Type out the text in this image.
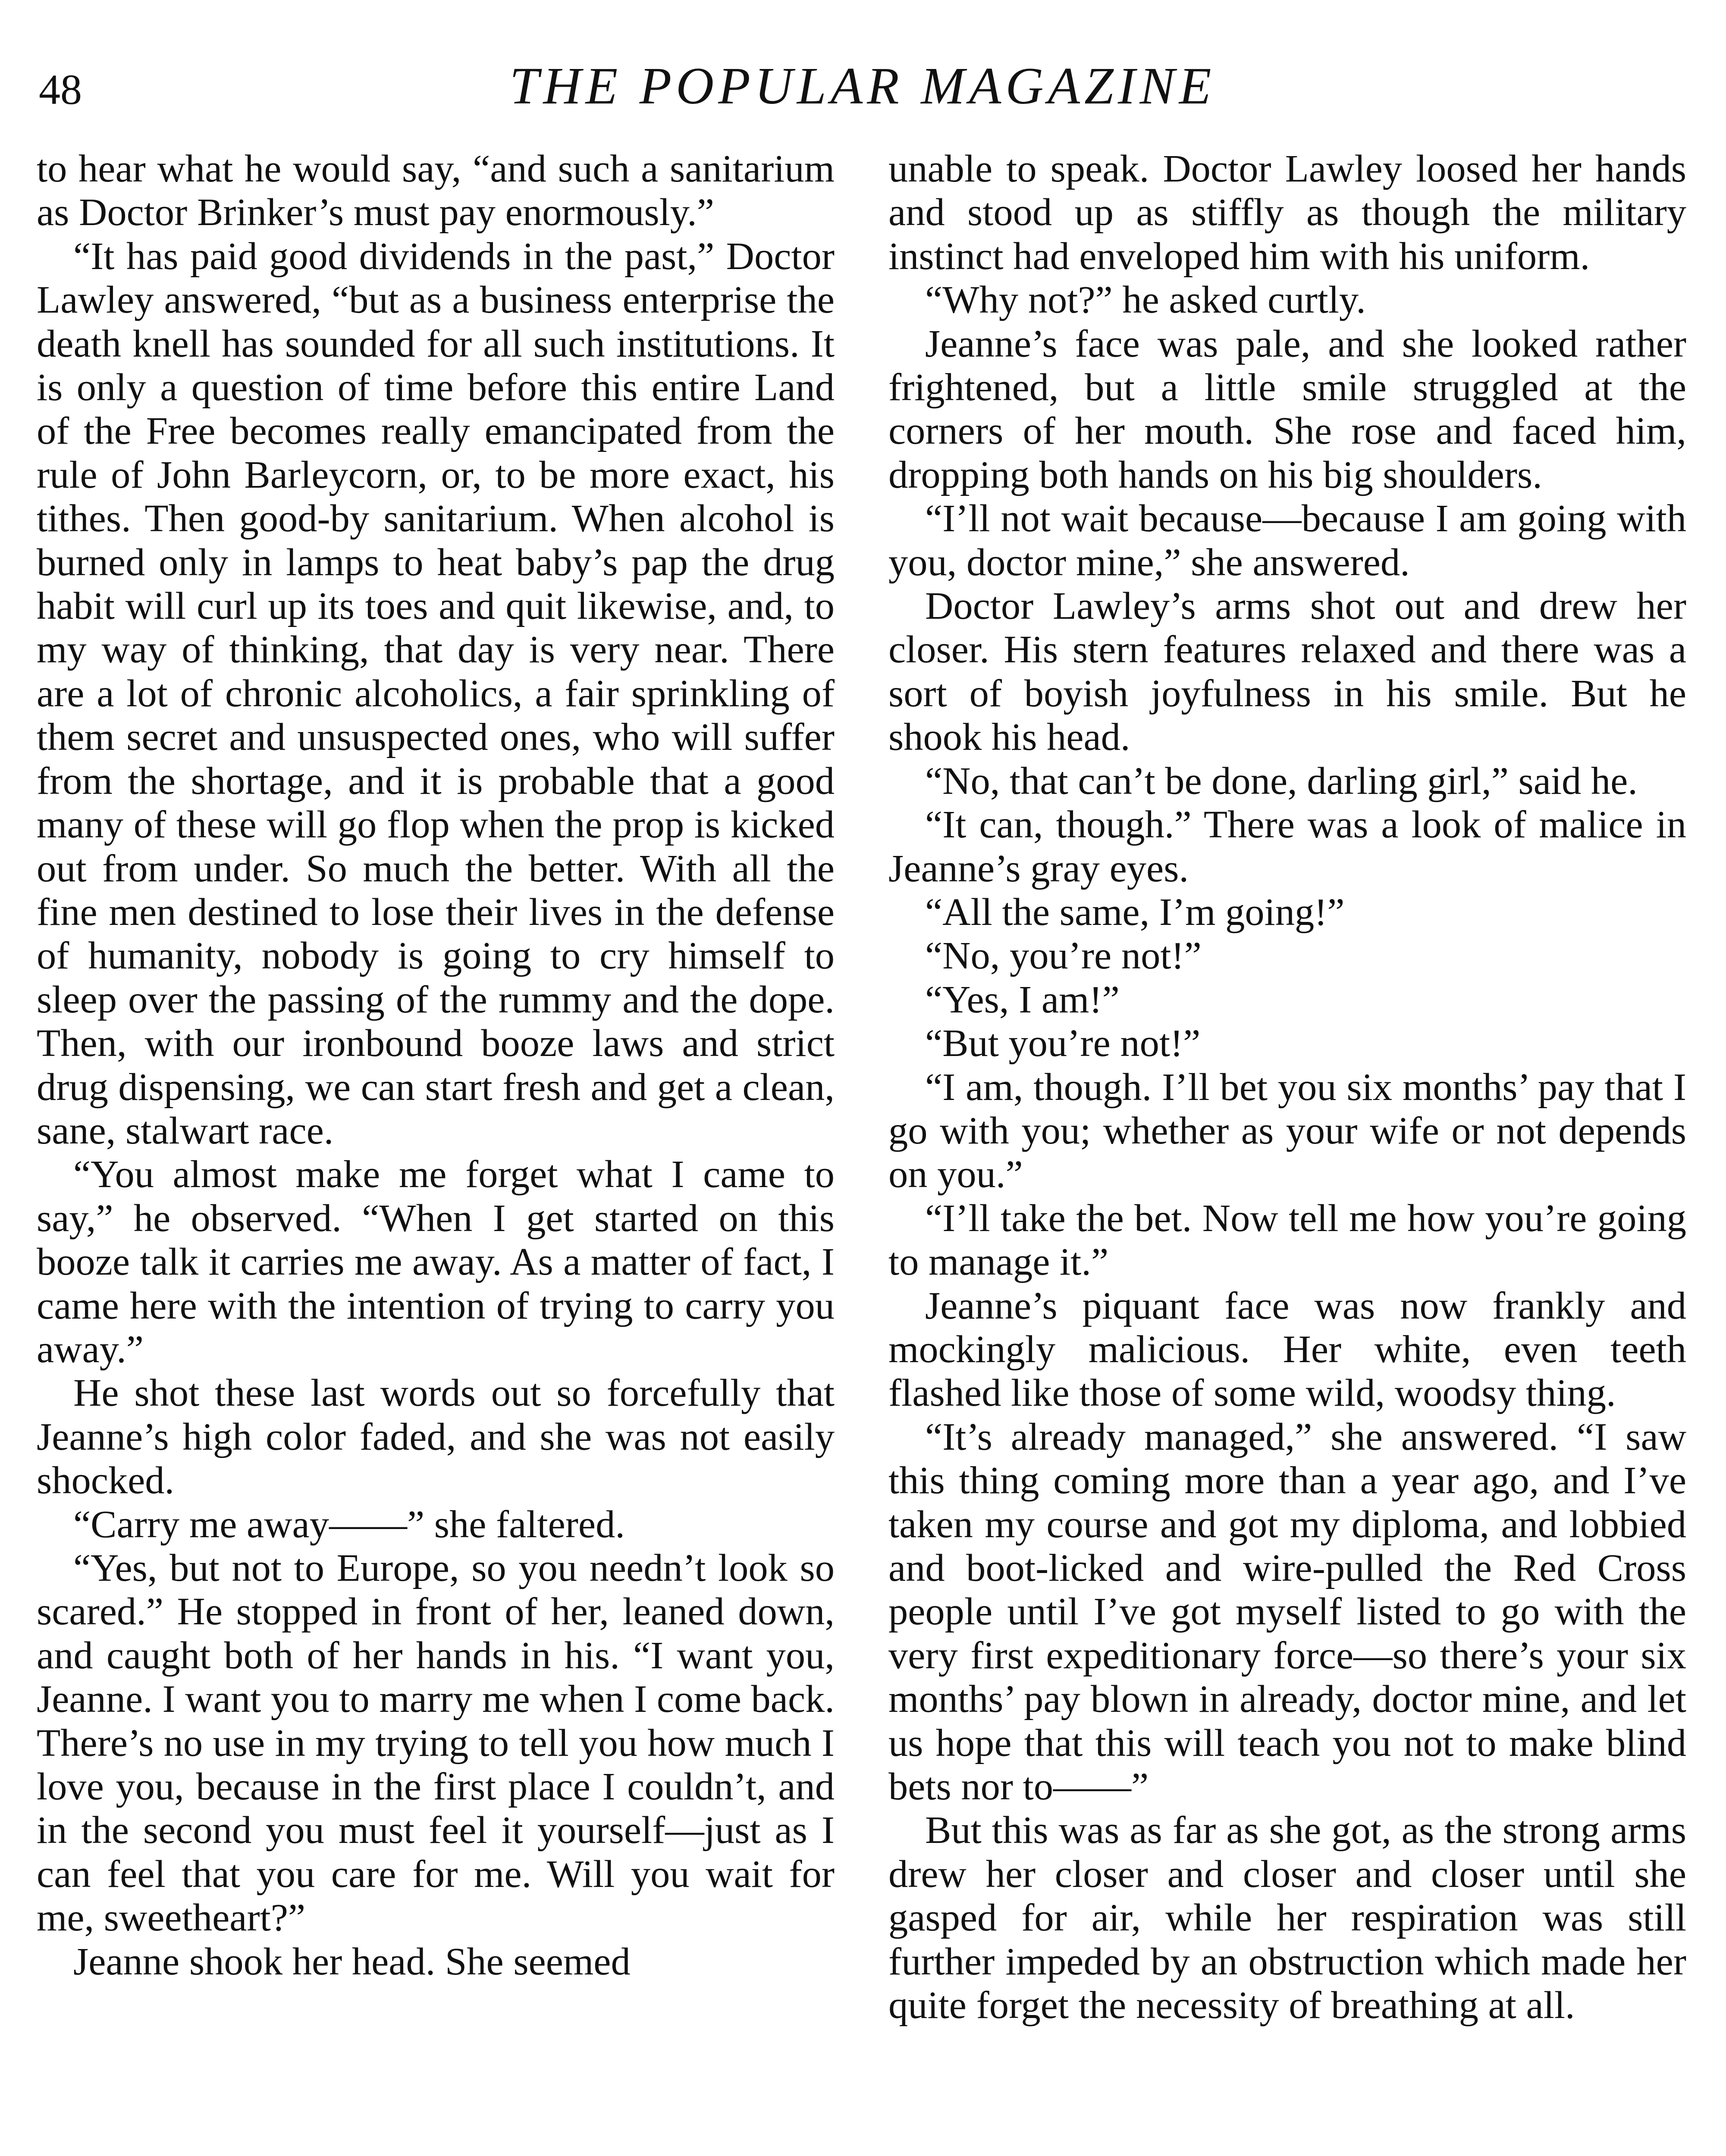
48	THE POPULAR MAGAZINE

to hear what he would say, “and such a sanitarium as Doctor Brinker’s must pay enormously.”

“It has paid good dividends in the past,” Doctor Lawley answered, “but as a business enterprise the death knell has sounded for all such institutions. It is only a question of time before this entire Land of the Free becomes really emancipated from the rule of John Barleycorn, or, to be more exact, his tithes. Then good-by sanitarium. When alcohol is burned only in lamps to heat baby’s pap the drug habit will curl up its toes and quit likewise, and, to my way of thinking, that day is very near. There are a lot of chronic alcoholics, a fair sprinkling of them secret and unsuspected ones, who will suffer from the shortage, and it is probable that a good many of these will go flop when the prop is kicked out from under. So much the better. With all the fine men destined to lose their lives in the defense of humanity, nobody is going to cry himself to sleep over the passing of the rummy and the dope. Then, with our ironbound booze laws and strict drug dispensing, we can start fresh and get a clean, sane, stalwart race.

“You almost make me forget what I came to say,” he observed. “When I get started on this booze talk it carries me away. As a matter of fact, I came here with the intention of trying to carry you away.”

He shot these last words out so forcefully that Jeanne’s high color faded, and she was not easily shocked.

“Carry me away——” she faltered.

“Yes, but not to Europe, so you needn’t look so scared.” He stopped in front of her, leaned down, and caught both of her hands in his. “I want you, Jeanne. I want you to marry me when I come back. There’s no use in my trying to tell you how much I love you, because in the first place I couldn’t, and in the second you must feel it yourself—just as I can feel that you care for me. Will you wait for me, sweetheart?”

Jeanne shook her head. She seemed

unable to speak. Doctor Lawley loosed her hands and stood up as stiffly as though the military instinct had enveloped him with his uniform.

“Why not?” he asked curtly.

Jeanne’s face was pale, and she looked rather frightened, but a little smile struggled at the corners of her mouth. She rose and faced him, dropping both hands on his big shoulders.

“I’ll not wait because—because I am going with you, doctor mine,” she answered.

Doctor Lawley’s arms shot out and drew her closer. His stern features relaxed and there was a sort of boyish joyfulness in his smile. But he shook his head.

“No, that can’t be done, darling girl,” said he.

“It can, though.” There was a look of malice in Jeanne’s gray eyes.

“All the same, I’m going!”

“No, you’re not!”

“Yes, I am!”

“But you’re not!”

“I am, though. I’ll bet you six months’ pay that I go with you; whether as your wife or not depends on you.”

“I’ll take the bet. Now tell me how you’re going to manage it.”

Jeanne’s piquant face was now frankly and mockingly malicious. Her white, even teeth flashed like those of some wild, woodsy thing.

“It’s already managed,” she answered. “I saw this thing coming more than a year ago, and I’ve taken my course and got my diploma, and lobbied and boot-licked and wire-pulled the Red Cross people until I’ve got myself listed to go with the very first expeditionary force—so there’s your six months’ pay blown in already, doctor mine, and let us hope that this will teach you not to make blind bets nor to——”

But this was as far as she got, as the strong arms drew her closer and closer and closer until she gasped for air, while her respiration was still further impeded by an obstruction which made her quite forget the necessity of breathing at all.
